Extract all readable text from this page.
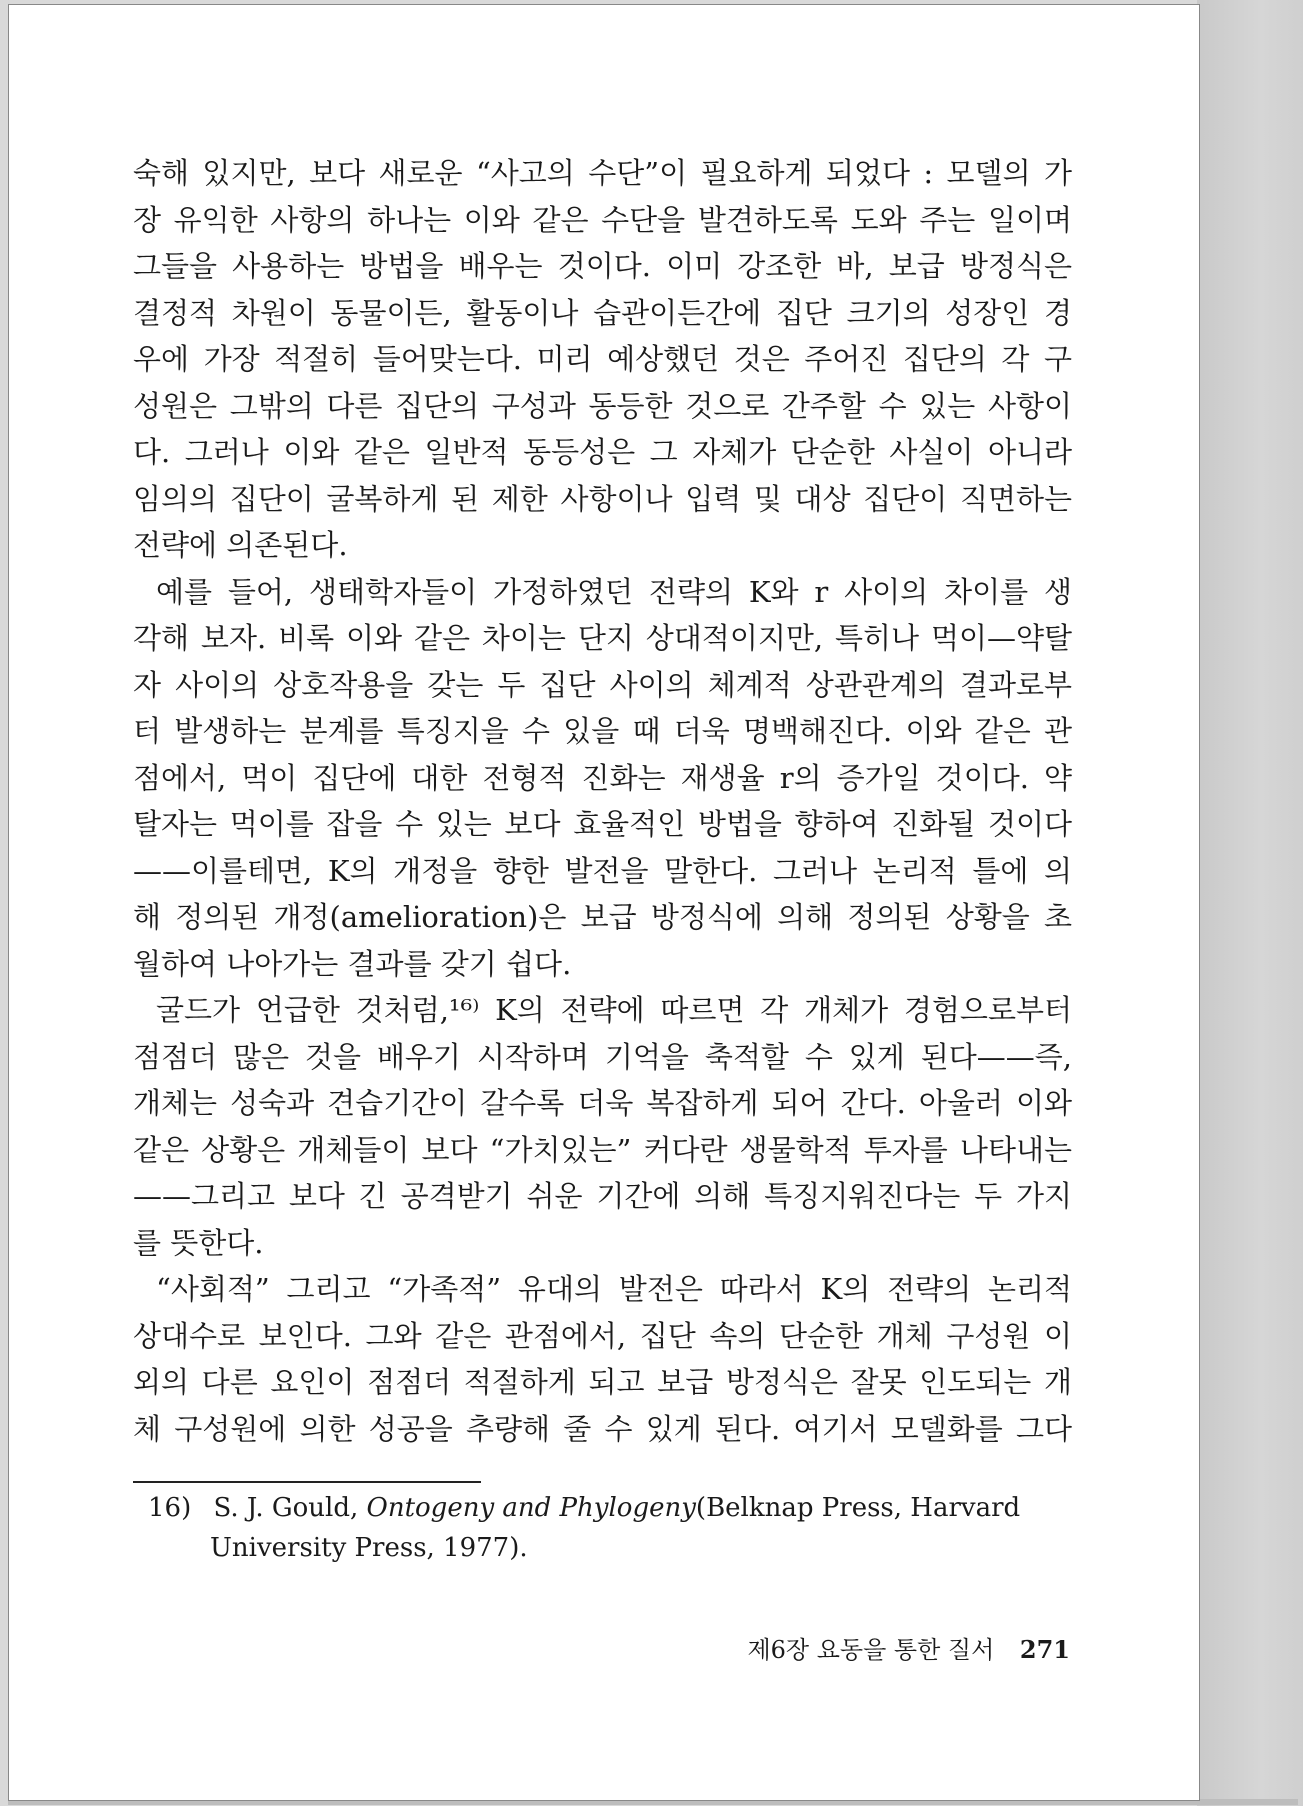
숙해 있지만, 보다 새로운 “사고의 수단”이 필요하게 되었다 : 모델의 가
장 유익한 사항의 하나는 이와 같은 수단을 발견하도록 도와 주는 일이며
그들을 사용하는 방법을 배우는 것이다. 이미 강조한 바, 보급 방정식은
결정적 차원이 동물이든, 활동이나 습관이든간에 집단 크기의 성장인 경
우에 가장 적절히 들어맞는다. 미리 예상했던 것은 주어진 집단의 각 구
성원은 그밖의 다른 집단의 구성과 동등한 것으로 간주할 수 있는 사항이
다. 그러나 이와 같은 일반적 동등성은 그 자체가 단순한 사실이 아니라
임의의 집단이 굴복하게 된 제한 사항이나 입력 및 대상 집단이 직면하는
전략에 의존된다.
예를 들어, 생태학자들이 가정하였던 전략의 K와 r 사이의 차이를 생
각해 보자. 비록 이와 같은 차이는 단지 상대적이지만, 특히나 먹이—약탈
자 사이의 상호작용을 갖는 두 집단 사이의 체계적 상관관계의 결과로부
터 발생하는 분계를 특징지을 수 있을 때 더욱 명백해진다. 이와 같은 관
점에서, 먹이 집단에 대한 전형적 진화는 재생율 r의 증가일 것이다. 약
탈자는 먹이를 잡을 수 있는 보다 효율적인 방법을 향하여 진화될 것이다
——이를테면, K의 개정을 향한 발전을 말한다. 그러나 논리적 틀에 의
해 정의된 개정(amelioration)은 보급 방정식에 의해 정의된 상황을 초
월하여 나아가는 결과를 갖기 쉽다.
굴드가 언급한 것처럼,¹⁶⁾ K의 전략에 따르면 각 개체가 경험으로부터
점점더 많은 것을 배우기 시작하며 기억을 축적할 수 있게 된다——즉,
개체는 성숙과 견습기간이 갈수록 더욱 복잡하게 되어 간다. 아울러 이와
같은 상황은 개체들이 보다 “가치있는” 커다란 생물학적 투자를 나타내는
——그리고 보다 긴 공격받기 쉬운 기간에 의해 특징지워진다는 두 가지
를 뜻한다.
“사회적” 그리고 “가족적” 유대의 발전은 따라서 K의 전략의 논리적
상대수로 보인다. 그와 같은 관점에서, 집단 속의 단순한 개체 구성원 이
외의 다른 요인이 점점더 적절하게 되고 보급 방정식은 잘못 인도되는 개
체 구성원에 의한 성공을 추량해 줄 수 있게 된다. 여기서 모델화를 그다
16) S. J. Gould, Ontogeny and Phylogeny(Belknap Press, Harvard
University Press, 1977).
제6장 요동을 통한 질서 271
